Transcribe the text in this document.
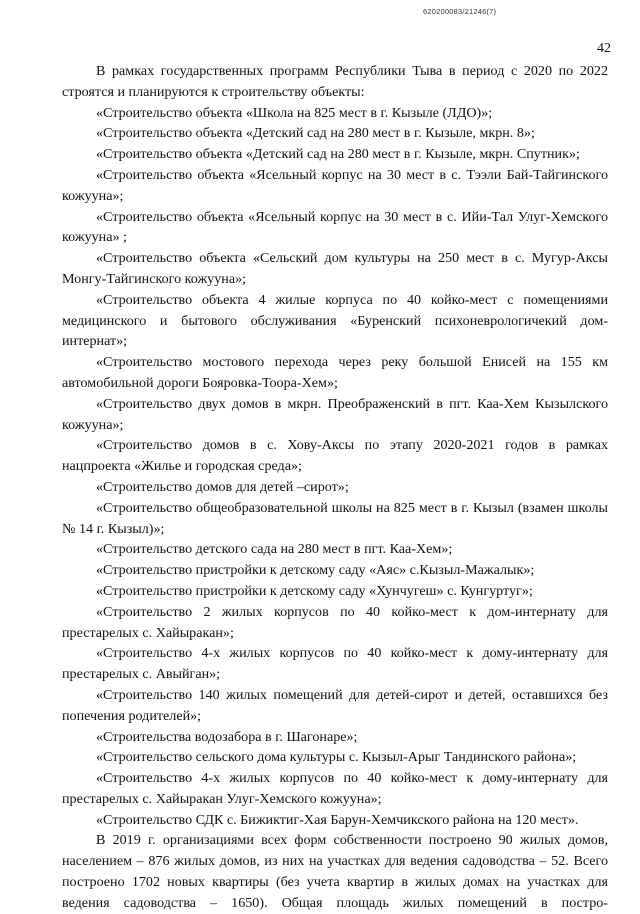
620200083/21246(7)
42

В рамках государственных программ Республики Тыва в период с 2020 по 2022 строятся и планируются к строительству объекты:

«Строительство объекта «Школа на 825 мест в г. Кызыле (ЛДО)»;

«Строительство объекта «Детский сад на 280 мест в г. Кызыле, мкрн. 8»;

«Строительство объекта «Детский сад на 280 мест в г. Кызыле, мкрн. Спутник»;

«Строительство объекта «Ясельный корпус на 30 мест в с. Тээли Бай-Тайгинского кожууна»;

«Строительство объекта «Ясельный корпус на 30 мест в с. Ийи-Тал Улуг-Хемского кожууна» ;

«Строительство объекта «Сельский дом культуры на 250 мест в с. Мугур-Аксы Монгу-Тайгинского кожууна»;

«Строительство объекта 4 жилые корпуса по 40 койко-мест с помещениями медицинского и бытового обслуживания «Буренский психоневрологичекий дом-интернат»;

«Строительство мостового перехода через реку большой Енисей на 155 км автомобильной дороги Бояровка-Тоора-Хем»;

«Строительство двух домов в мкрн. Преображенский в пгт. Каа-Хем Кызылского кожууна»;

«Строительство домов в с. Хову-Аксы по этапу 2020-2021 годов в рамках нацпроекта «Жилье и городская среда»;

«Строительство домов для детей –сирот»;

«Строительство общеобразовательной школы на 825 мест в г. Кызыл (взамен школы № 14 г. Кызыл)»;

«Строительство детского сада на 280 мест в пгт. Каа-Хем»;

«Строительство пристройки к детскому саду «Аяс» с.Кызыл-Мажалык»;

«Строительство пристройки к детскому саду «Хунчугеш» с. Кунгуртуг»;

«Строительство 2 жилых корпусов по 40 койко-мест к дом-интернату для престарелых с. Хайыракан»;

«Строительство 4-х жилых корпусов по 40 койко-мест к дому-интернату для престарелых с. Авыйган»;

«Строительство 140 жилых помещений для детей-сирот и детей, оставшихся без попечения родителей»;

«Строительства водозабора в г. Шагонаре»;

«Строительство сельского дома культуры с. Кызыл-Арыг Тандинского района»;

«Строительство 4-х жилых корпусов по 40 койко-мест к дому-интернату для престарелых с. Хайыракан Улуг-Хемского кожууна»;

«Строительство СДК с. Бижиктиг-Хая Барун-Хемчикского района на 120 мест».

В 2019 г. организациями всех форм собственности построено 90 жилых домов, населением – 876 жилых домов, из них на участках для ведения садоводства – 52. Всего построено 1702 новых квартиры (без учета квартир в жилых домах на участках для ведения садоводства – 1650). Общая площадь жилых помещений в постро-
